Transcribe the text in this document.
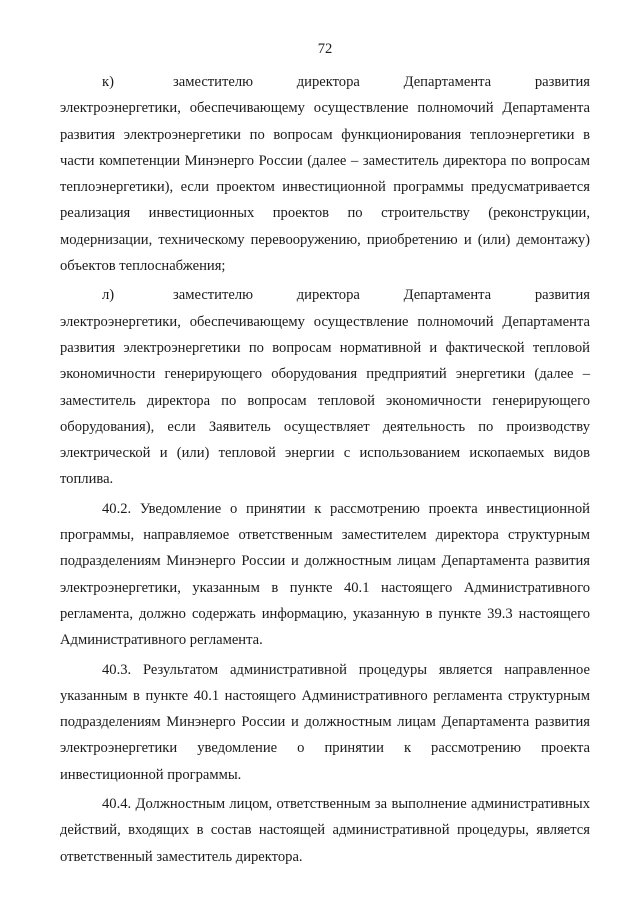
72

к)	заместителю директора Департамента развития электроэнергетики, обеспечивающему осуществление полномочий Департамента развития электроэнергетики по вопросам функционирования теплоэнергетики в части компетенции Минэнерго России (далее – заместитель директора по вопросам теплоэнергетики), если проектом инвестиционной программы предусматривается реализация инвестиционных проектов по строительству (реконструкции, модернизации, техническому перевооружению, приобретению и (или) демонтажу) объектов теплоснабжения;

л)	заместителю директора Департамента развития электроэнергетики, обеспечивающему осуществление полномочий Департамента развития электроэнергетики по вопросам нормативной и фактической тепловой экономичности генерирующего оборудования предприятий энергетики (далее – заместитель директора по вопросам тепловой экономичности генерирующего оборудования), если Заявитель осуществляет деятельность по производству электрической и (или) тепловой энергии с использованием ископаемых видов топлива.

40.2. Уведомление о принятии к рассмотрению проекта инвестиционной программы, направляемое ответственным заместителем директора структурным подразделениям Минэнерго России и должностным лицам Департамента развития электроэнергетики, указанным в пункте 40.1 настоящего Административного регламента, должно содержать информацию, указанную в пункте 39.3 настоящего Административного регламента.

40.3. Результатом административной процедуры является направленное указанным в пункте 40.1 настоящего Административного регламента структурным подразделениям Минэнерго России и должностным лицам Департамента развития электроэнергетики уведомление о принятии к рассмотрению проекта инвестиционной программы.

40.4. Должностным лицом, ответственным за выполнение административных действий, входящих в состав настоящей административной процедуры, является ответственный заместитель директора.
